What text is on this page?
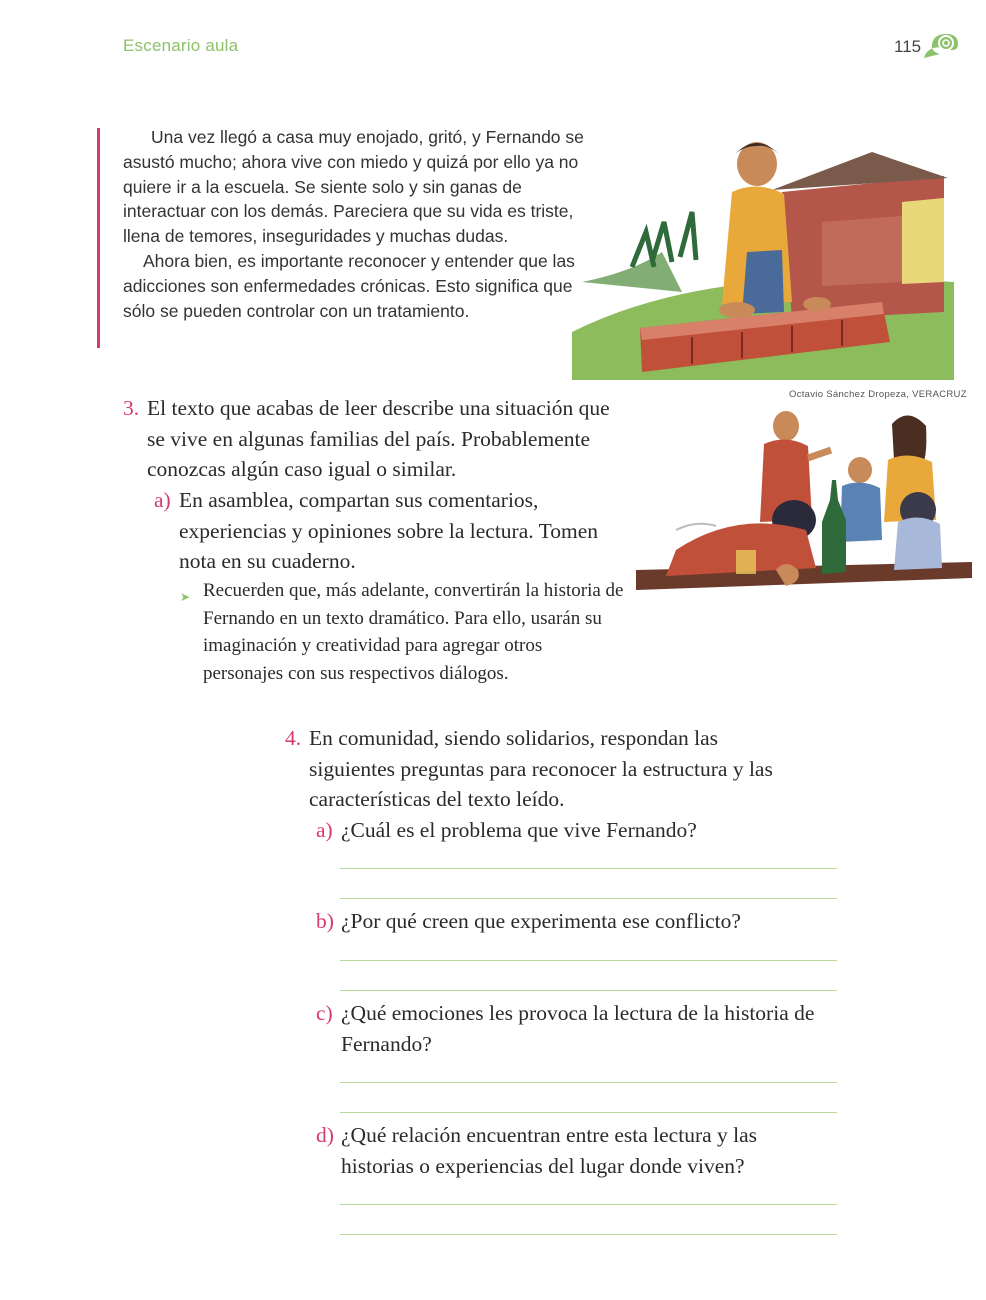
Escenario aula	115

Una vez llegó a casa muy enojado, gritó, y Fernando se asustó mucho; ahora vive con miedo y quizá por ello ya no quiere ir a la escuela. Se siente solo y sin ganas de interactuar con los demás. Pareciera que su vida es triste, llena de temores, inseguridades y muchas dudas.

Ahora bien, es importante reconocer y entender que las adicciones son enfermedades crónicas. Esto significa que sólo se pueden controlar con un tratamiento.

Octavio Sánchez Dropeza, VERACRUZ
3. El texto que acabas de leer describe una situación que se vive en algunas familias del país. Probablemente conozcas algún caso igual o similar.
a) En asamblea, compartan sus comentarios, experiencias y opiniones sobre la lectura. Tomen nota en su cuaderno.
➤ Recuerden que, más adelante, convertirán la historia de Fernando en un texto dramático. Para ello, usarán su imaginación y creatividad para agregar otros personajes con sus respectivos diálogos.
4. En comunidad, siendo solidarios, respondan las siguientes preguntas para reconocer la estructura y las características del texto leído.
a) ¿Cuál es el problema que vive Fernando?
b) ¿Por qué creen que experimenta ese conflicto?
c) ¿Qué emociones les provoca la lectura de la historia de Fernando?
d) ¿Qué relación encuentran entre esta lectura y las historias o experiencias del lugar donde viven?
